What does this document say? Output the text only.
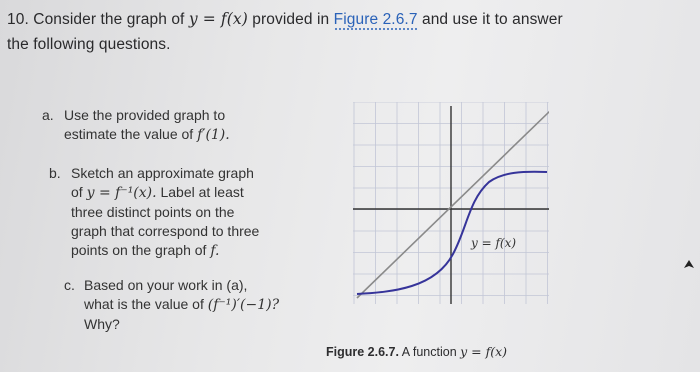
10. Consider the graph of y = f(x) provided in Figure 2.6.7 and use it to answer
the following questions.
a. Use the provided graph to
estimate the value of f′(1).
b. Sketch an approximate graph
of y = f⁻¹(x). Label at least
three distinct points on the
graph that correspond to three
points on the graph of f.
c. Based on your work in (a),
what is the value of (f⁻¹)′(−1)?
Why?
y = f(x)
Figure 2.6.7. A function y = f(x)
